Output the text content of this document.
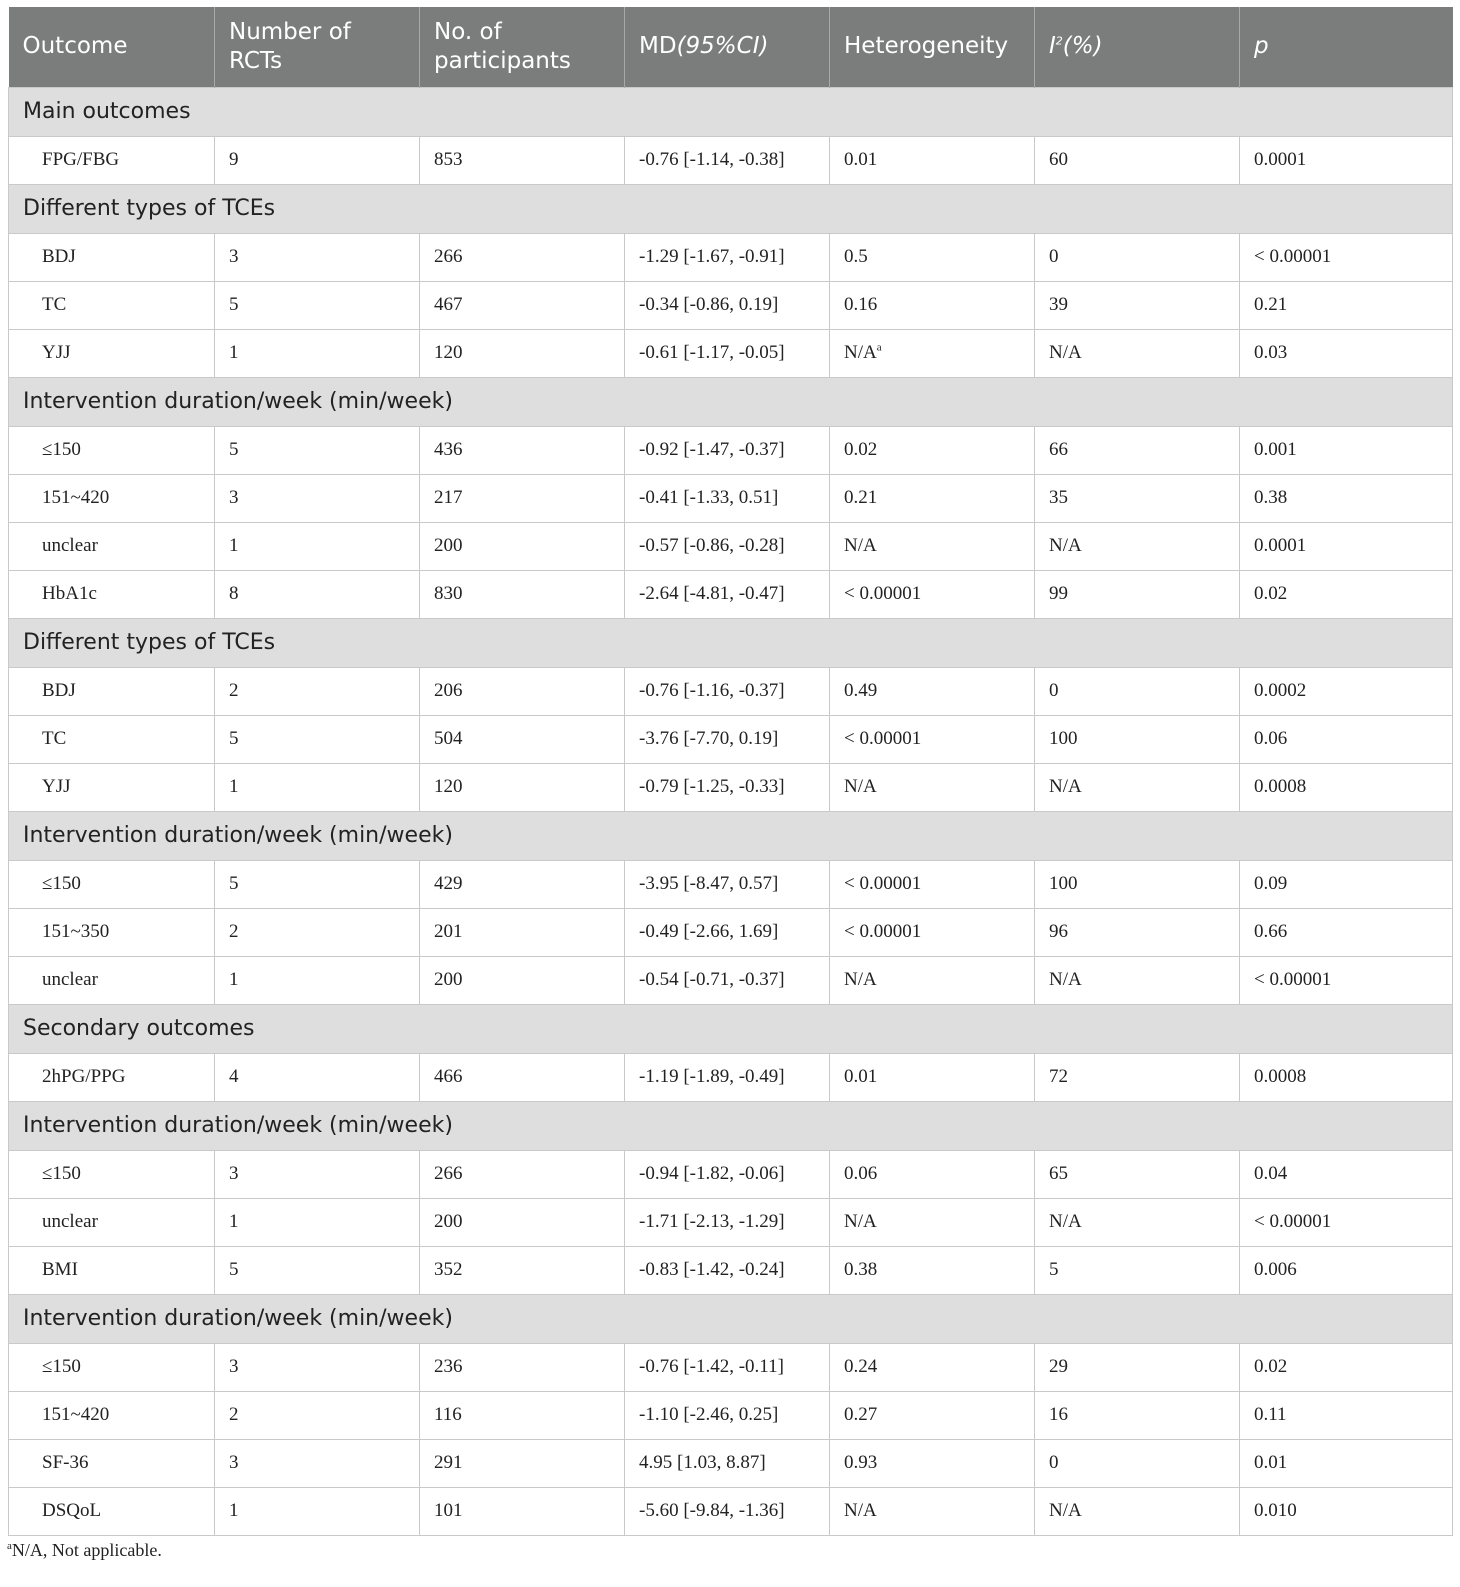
Outcome	Number of RCTs	No. of participants	MD(95%CI)	Heterogeneity	$I^2(\%)$	p
Main outcomes						
FPG/FBG	9	853	-0.76 [-1.14, -0.38]	0.01	60	0.0001
Different types of TCEs						
BDJ	3	266	-1.29 [-1.67, -0.91]	0.5	0	< 0.00001
TC	5	467	-0.34 [-0.86, 0.19]	0.16	39	0.21
YJJ	1	120	-0.61 [-1.17, -0.05]	$N/A^a$	N/A	0.03
Intervention duration/week (min/week)						
≤150	5	436	-0.92 [-1.47, -0.37]	0.02	66	0.001
151~420	3	217	-0.41 [-1.33, 0.51]	0.21	35	0.38
unclear	1	200	-0.57 [-0.86, -0.28]	N/A	N/A	0.0001
HbA1c	8	830	-2.64 [-4.81, -0.47]	< 0.00001	99	0.02
Different types of TCEs						
BDJ	2	206	-0.76 [-1.16, -0.37]	0.49	0	0.0002
TC	5	504	-3.76 [-7.70, 0.19]	< 0.00001	100	0.06
YJJ	1	120	-0.79 [-1.25, -0.33]	N/A	N/A	0.0008
Intervention duration/week (min/week)						
≤150	5	429	-3.95 [-8.47, 0.57]	< 0.00001	100	0.09
151~350	2	201	-0.49 [-2.66, 1.69]	< 0.00001	96	0.66
unclear	1	200	-0.54 [-0.71, -0.37]	N/A	N/A	< 0.00001
Secondary outcomes						
2hPG/PPG	4	466	-1.19 [-1.89, -0.49]	0.01	72	0.0008
Intervention duration/week (min/week)						
≤150	3	266	-0.94 [-1.82, -0.06]	0.06	65	0.04
unclear	1	200	-1.71 [-2.13, -1.29]	N/A	N/A	< 0.00001
BMI	5	352	-0.83 [-1.42, -0.24]	0.38	5	0.006
Intervention duration/week (min/week)						
≤150	3	236	-0.76 [-1.42, -0.11]	0.24	29	0.02
151~420	2	116	-1.10 [-2.46, 0.25]	0.27	16	0.11
SF-36	3	291	4.95 [1.03, 8.87]	0.93	0	0.01
DSQoL	1	101	-5.60 [-9.84, -1.36]	N/A	N/A	0.010
$^a$N/A, Not applicable.
